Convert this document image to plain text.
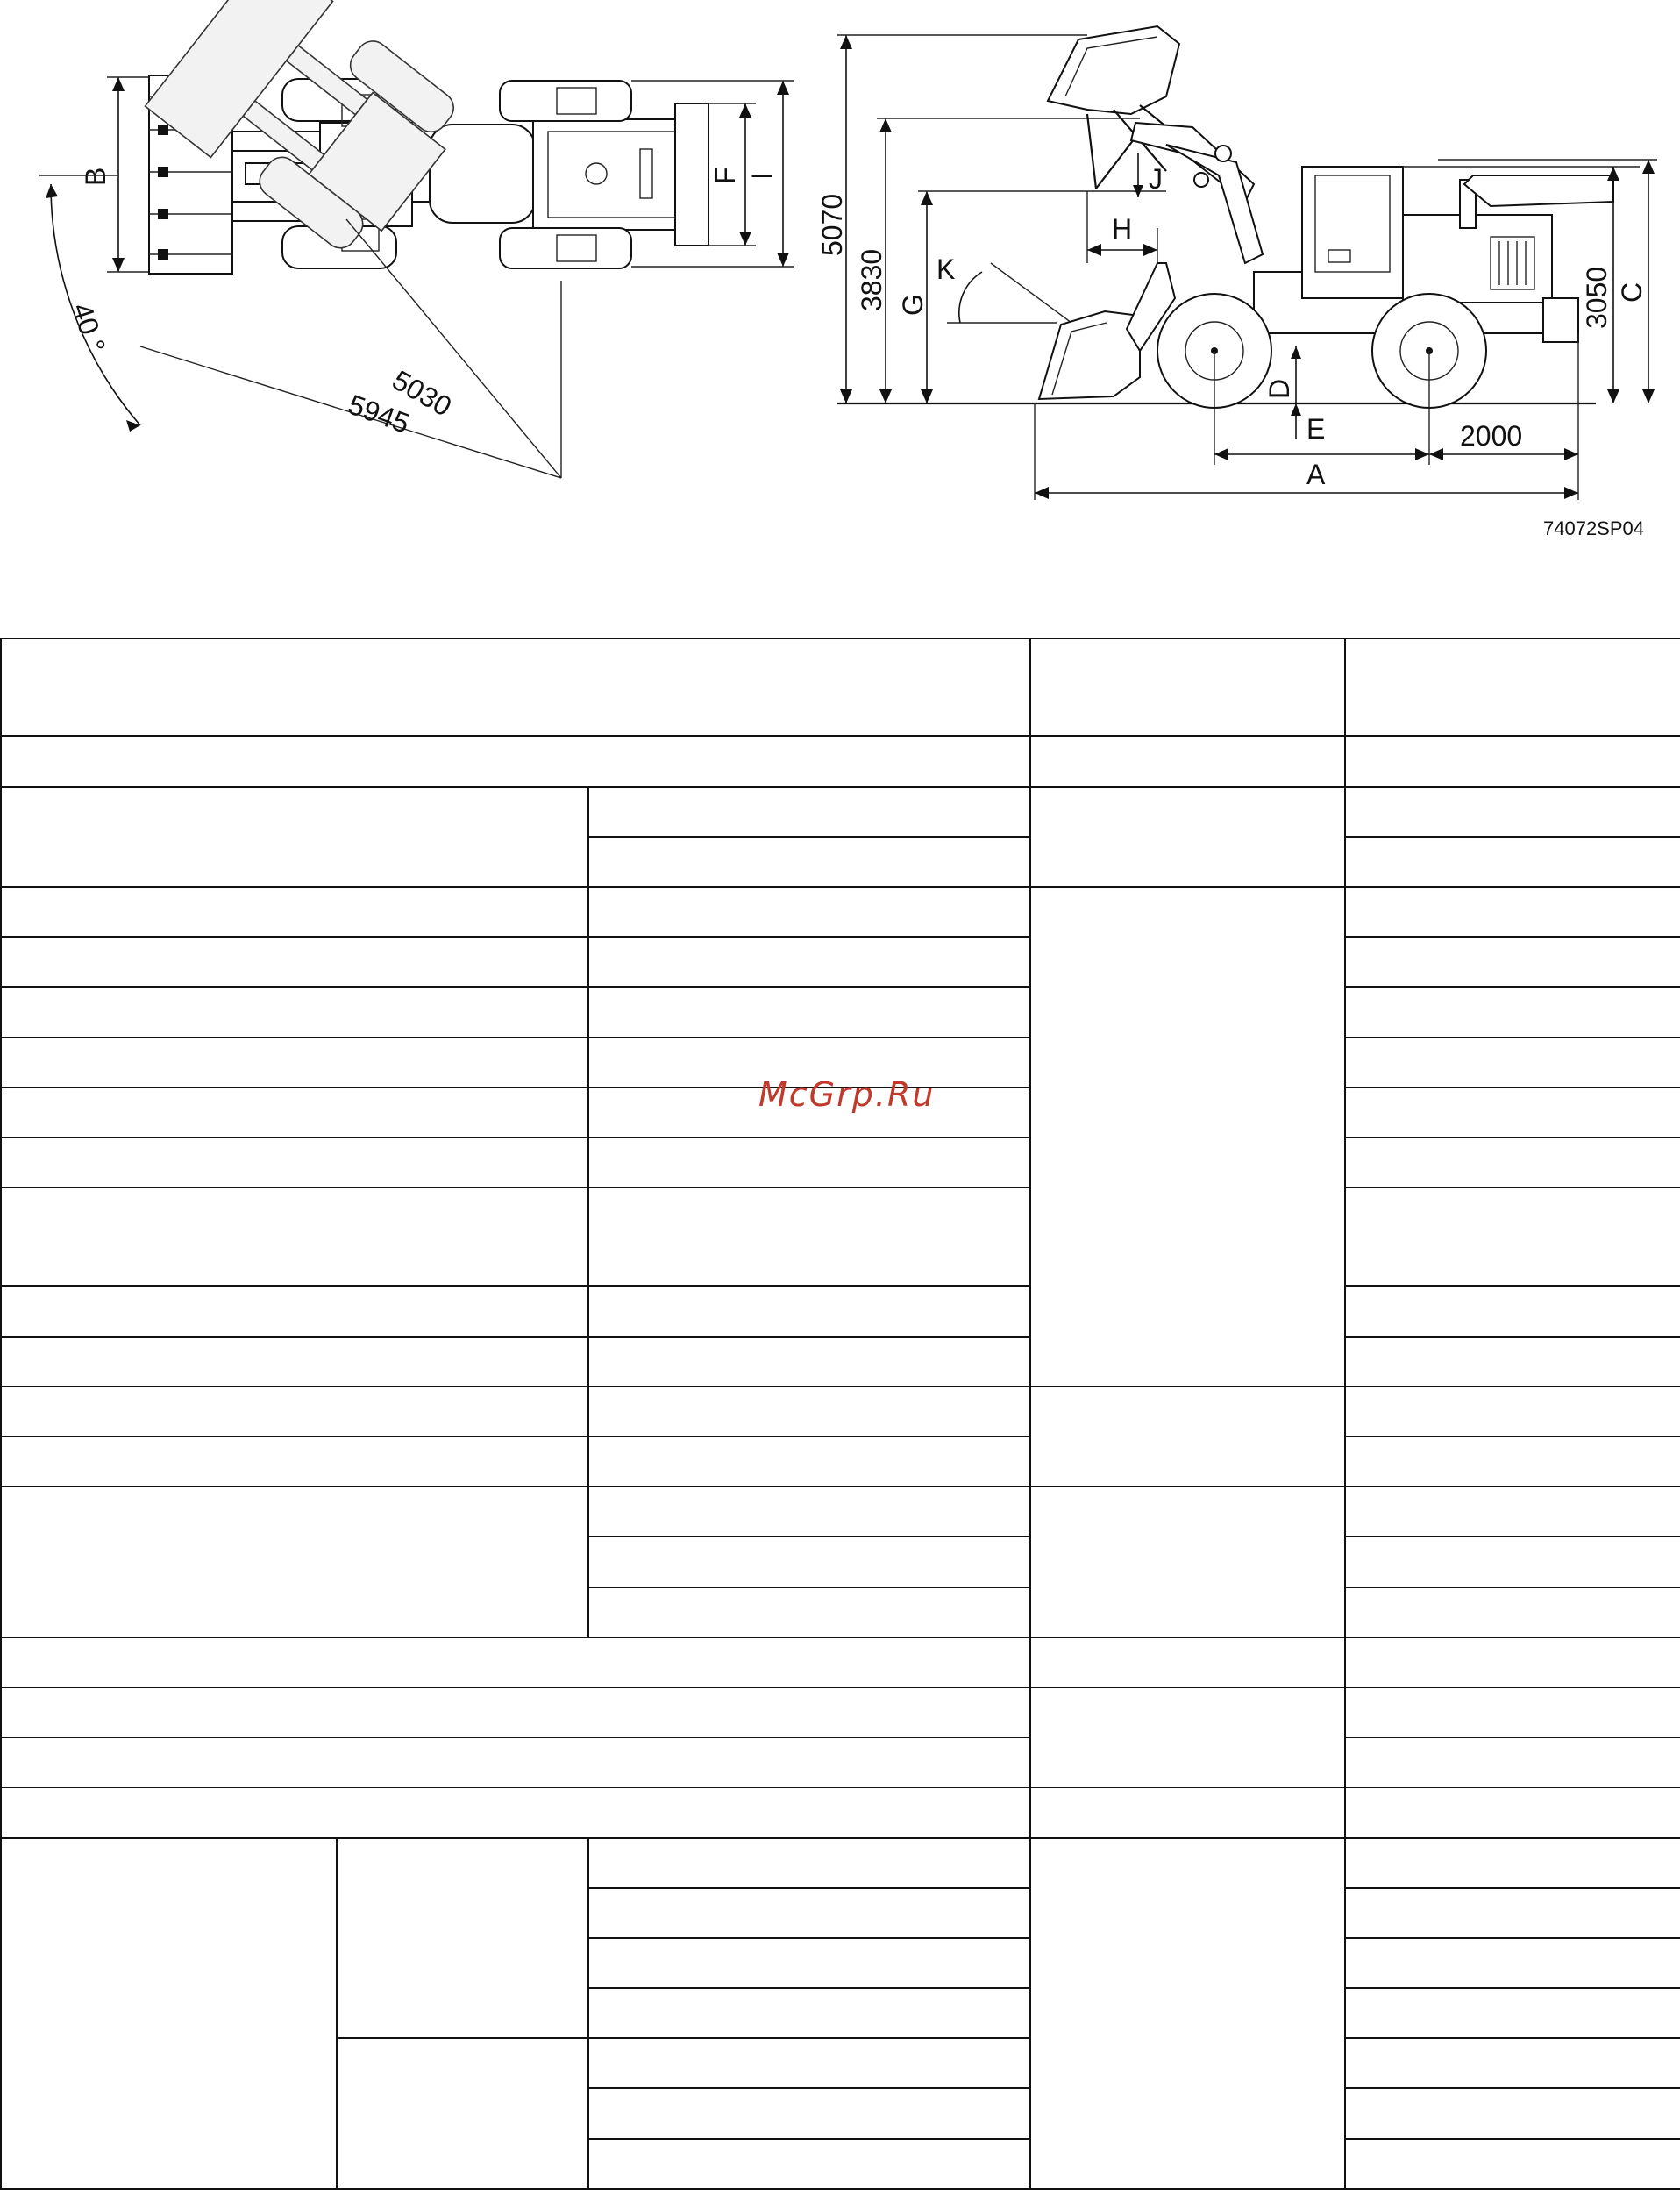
B	F I
5030
5945
40 °
5070
3830 G
H
J
K
D
E
3050 C
2000
A
74072SP04

McGrp.Ru
